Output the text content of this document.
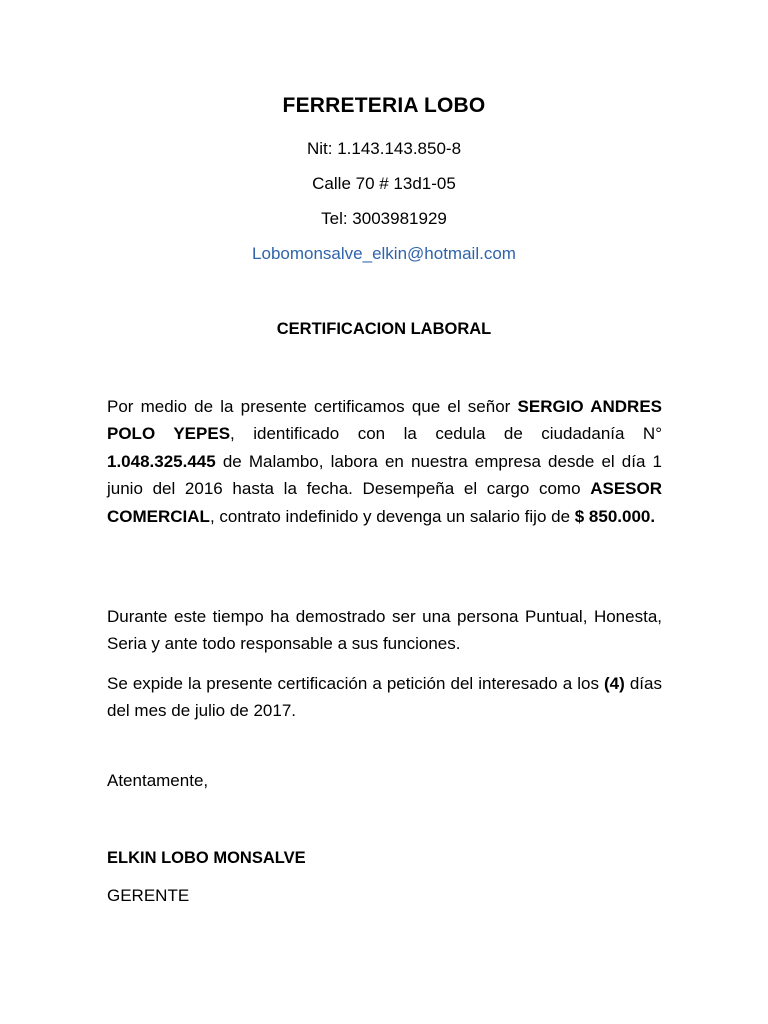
FERRETERIA LOBO
Nit: 1.143.143.850-8
Calle 70 # 13d1-05
Tel: 3003981929
Lobomonsalve_elkin@hotmail.com
CERTIFICACION LABORAL

Por medio de la presente certificamos que el señor SERGIO ANDRES POLO YEPES, identificado con la cedula de ciudadanía N° 1.048.325.445 de Malambo, labora en nuestra empresa desde el día 1 junio del 2016 hasta la fecha. Desempeña el cargo como ASESOR COMERCIAL, contrato indefinido y devenga un salario fijo de $ 850.000.

Durante este tiempo ha demostrado ser una persona Puntual, Honesta, Seria y ante todo responsable a sus funciones.

Se expide la presente certificación a petición del interesado a los (4) días del mes de julio de 2017.

Atentamente,
ELKIN LOBO MONSALVE
GERENTE
